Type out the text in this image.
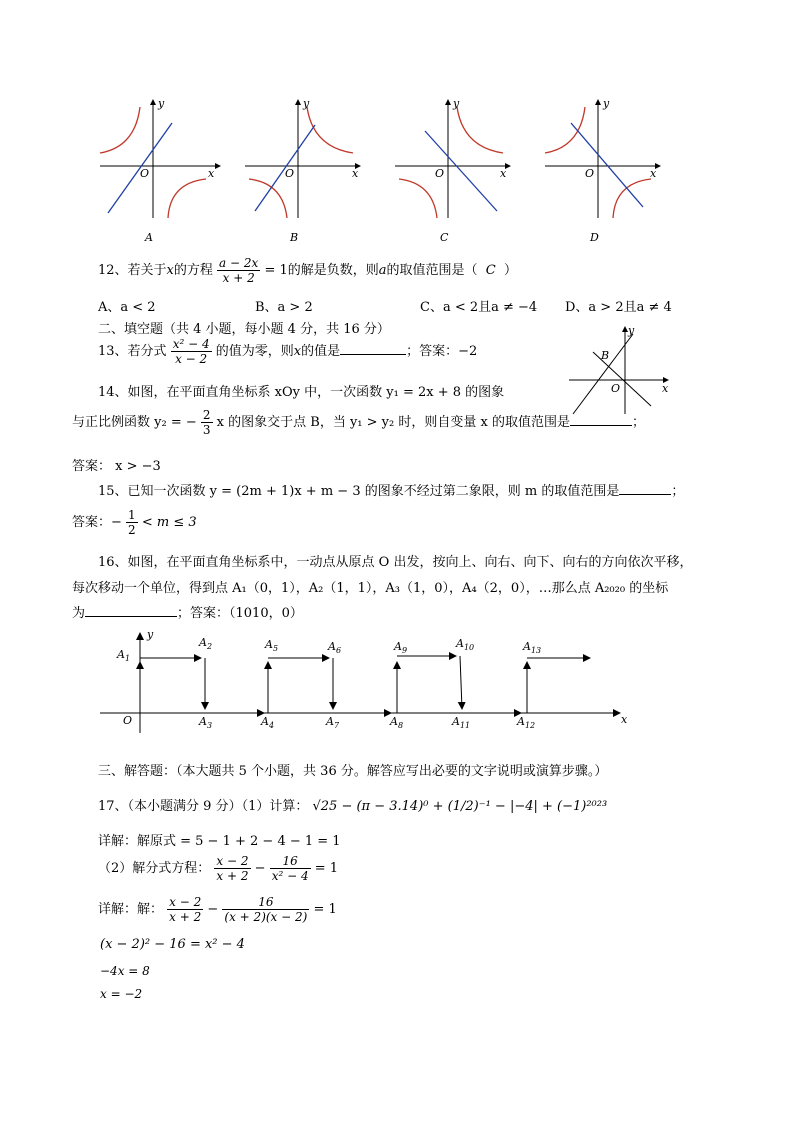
y
x
O
A
y
x
O
B
y
x
O
C
y
x
O
D
12、若关于x的方程 $\frac{a - 2x}{x + 2} = 1$的解是负数，则a的取值范围是（ C ）
A、a < 2	B、a > 2	C、a < 2且a ≠ −4 D、a > 2且a ≠ 4
二、填空题（共 4 小题，每小题 4 分，共 16 分）
13、若分式 $\frac{\text{x² − 4}}{x - 2}$ 的值为零，则x的值是	；答案：−2
y
x
O
B
14、如图，在平面直角坐标系 xOy 中，一次函数 y₁ = 2x + 8 的图象
与正比例函数 y₂ = − $\frac{2}{3}$ x 的图象交于点 B，当 y₁ > y₂ 时，则自变量 x 的取值范围是	；
答案： x > −3
15、已知一次函数 y = (2m + 1)x + m − 3 的图象不经过第二象限，则 m 的取值范围是	；
答案：− $\frac{1}{2} < m \le 3$
16、如图，在平面直角坐标系中，一动点从原点 O 出发，按向上、向右、向下、向右的方向依次平移，
每次移动一个单位，得到点 A₁（0，1），A₂（1，1），A₃（1，0），A₄（2，0），…那么点 A₂₀₂₀ 的坐标
为	；答案：（1010，0）
y
x
O
$A_1$
$A_2$
$A_3$	$A_4$
$A_5$	$A_6$
$A_7$	$A_8$
$A_9$
$A_{10}$
$A_{11}$	$A_{12}$
$A_{13}$
三、解答题：（本大题共 5 个小题，共 36 分。解答应写出必要的文字说明或演算步骤。）
17、（本小题满分 9 分）（1）计算： √25 − (π − 3.14)⁰ + (1/2)⁻¹ − |−4| + (−1)²⁰²³
详解：解原式 = 5 − 1 + 2 − 4 − 1 = 1
（2）解分式方程： $\frac{x - 2}{x + 2} - \frac{16}{\text{x² − 4}} = 1$
详解：解： $\frac{x - 2}{x + 2} - \frac{16}{(x + 2)(x - 2)} = 1$
(x − 2)² − 16 = x² − 4
−4x = 8
x = −2
